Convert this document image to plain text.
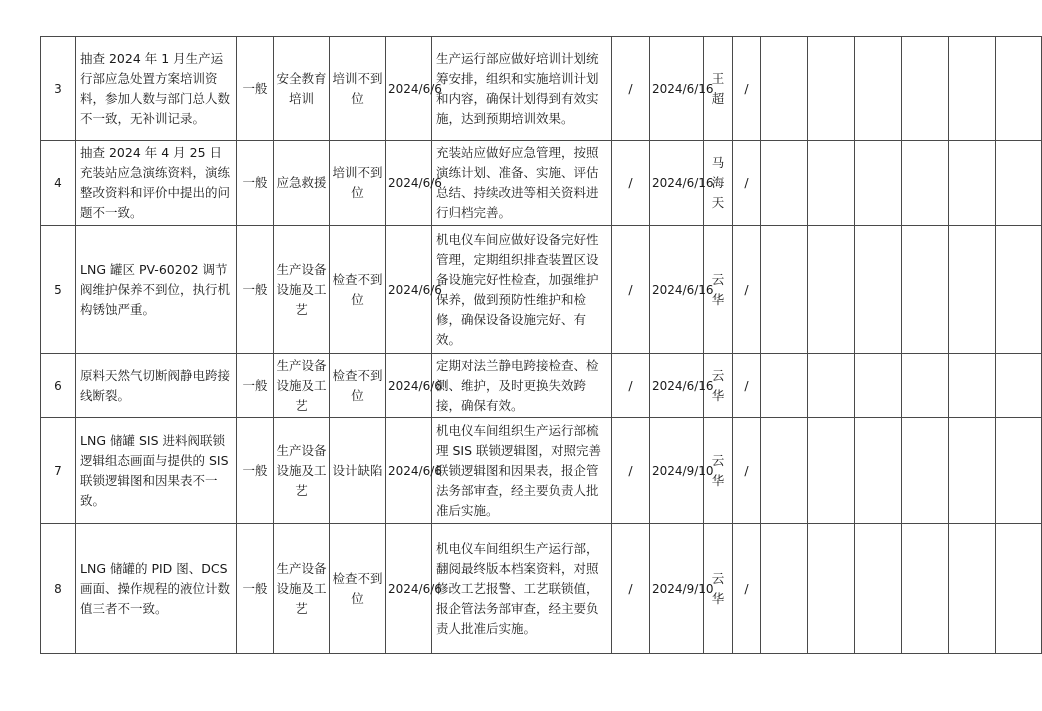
3	抽查 2024 年 1 月生产运行部应急处置方案培训资料，参加人数与部门总人数不一致，无补训记录。	一般	安全教育培训	培训不到位	2024/6/6	生产运行部应做好培训计划统筹安排，组织和实施培训计划和内容，确保计划得到有效实施，达到预期培训效果。	/	2024/6/16	王超	/						
4	抽查 2024 年 4 月 25 日充装站应急演练资料，演练整改资料和评价中提出的问题不一致。	一般	应急救援	培训不到位	2024/6/6	充装站应做好应急管理，按照演练计划、准备、实施、评估总结、持续改进等相关资料进行归档完善。	/	2024/6/16	马海天	/						
5	LNG 罐区 PV-60202 调节阀维护保养不到位，执行机构锈蚀严重。	一般	生产设备设施及工艺	检查不到位	2024/6/6	机电仪车间应做好设备完好性管理，定期组织排查装置区设备设施完好性检查，加强维护保养，做到预防性维护和检修，确保设备设施完好、有效。	/	2024/6/16	云华	/						
6	原料天然气切断阀静电跨接线断裂。	一般	生产设备设施及工艺	检查不到位	2024/6/6	定期对法兰静电跨接检查、检测、维护，及时更换失效跨接，确保有效。	/	2024/6/16	云华	/						
7	LNG 储罐 SIS 进料阀联锁逻辑组态画面与提供的 SIS 联锁逻辑图和因果表不一致。	一般	生产设备设施及工艺	设计缺陷	2024/6/6	机电仪车间组织生产运行部梳理 SIS 联锁逻辑图，对照完善联锁逻辑图和因果表，报企管法务部审查，经主要负责人批准后实施。	/	2024/9/10	云华	/						
8	LNG 储罐的 PID 图、DCS 画面、操作规程的液位计数值三者不一致。	一般	生产设备设施及工艺	检查不到位	2024/6/6	机电仪车间组织生产运行部，翻阅最终版本档案资料，对照修改工艺报警、工艺联锁值，报企管法务部审查，经主要负责人批准后实施。	/	2024/9/10	云华	/						
